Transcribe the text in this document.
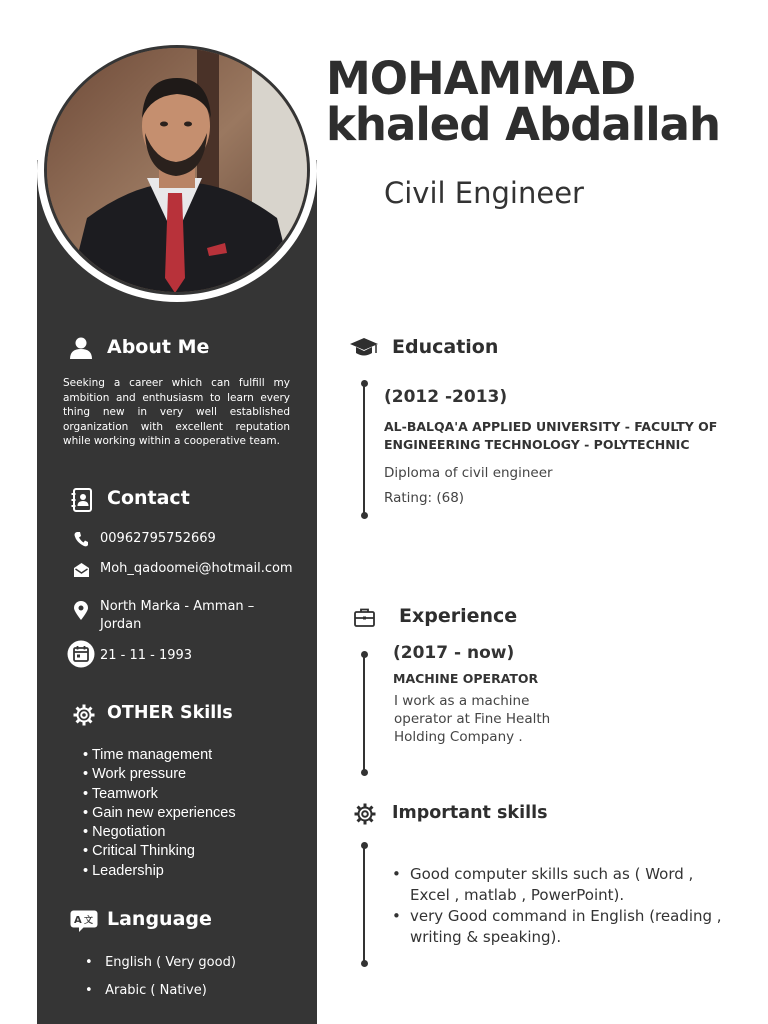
MOHAMMAD
khaled Abdallah
Civil Engineer
About Me
Seeking a career which can fulfill my ambition and enthusiasm to learn every thing new in very well established organization with excellent reputation while working within a cooperative team.
Contact
00962795752669
Moh_qadoomei@hotmail.com
North Marka - Amman –
Jordan
21 - 11 - 1993
OTHER Skills
• Time management
• Work pressure
• Teamwork
• Gain new experiences
• Negotiation
• Critical Thinking
• Leadership
A 文 Language
•   English ( Very good)
•   Arabic ( Native)
Education
(2012 -2013)
AL-BALQA'A APPLIED UNIVERSITY - FACULTY OF ENGINEERING TECHNOLOGY - POLYTECHNIC
Diploma of civil engineer
Rating: (68)
Experience
(2017 - now)
MACHINE OPERATOR
I work as a machine operator at Fine Health Holding Company .
Important skills
• Good computer skills such as ( Word , Excel , matlab , PowerPoint).
• very Good command in English (reading , writing & speaking).
